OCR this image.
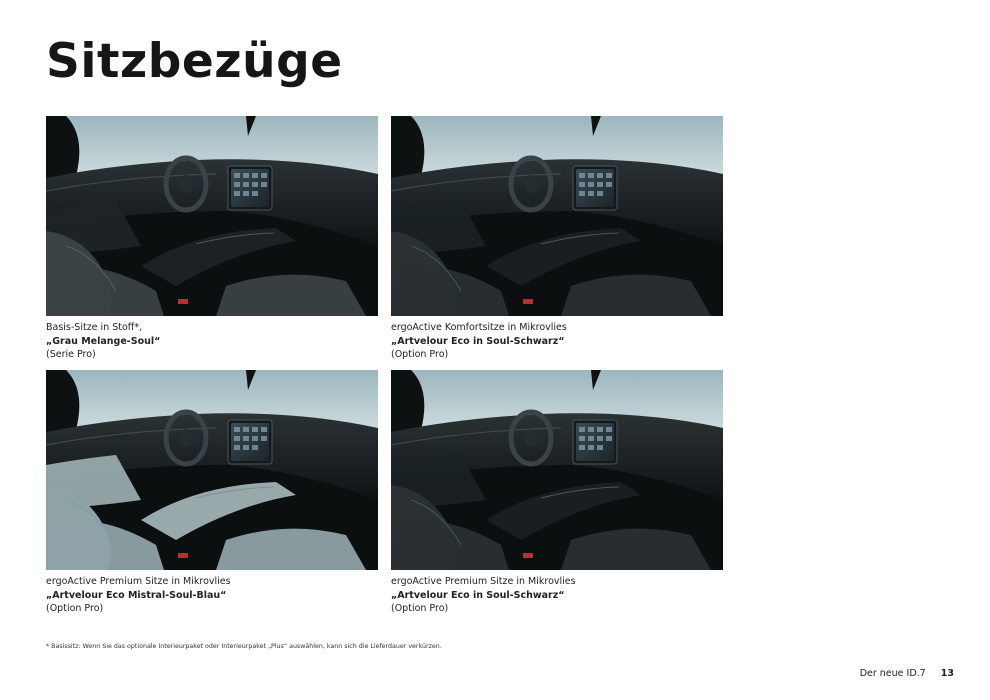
Sitzbezüge
Basis-Sitze in Stoff*,
„Grau Melange-Soul“
(Serie Pro)
ergoActive Komfortsitze in Mikrovlies
„Artvelour Eco in Soul-Schwarz“
(Option Pro)
ergoActive Premium Sitze in Mikrovlies
„Artvelour Eco Mistral-Soul-Blau“
(Option Pro)
ergoActive Premium Sitze in Mikrovlies
„Artvelour Eco in Soul-Schwarz“
(Option Pro)
* Basissitz: Wenn Sie das optionale Interieurpaket oder Interieurpaket „Plus“ auswählen, kann sich die Lieferdauer verkürzen.
Der neue ID.7 13
